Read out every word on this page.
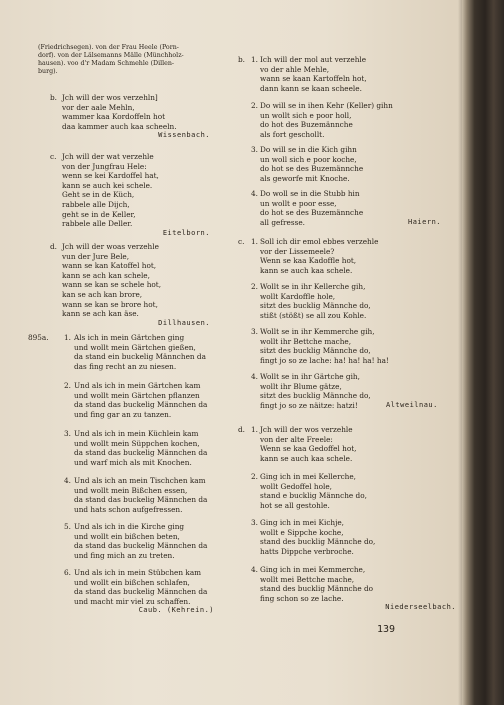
(Friedrichsegen). von der Frau Heele (Porn-
dorf). von der Lälsemanns Mälle (Münchholz-
hausen). voo d'r Madam Schmehle (Dillen-
burg).
b. Jch will der wos verzehln]
vor der aale Mehln,
wammer kaa Kordoffeln hot
daa kammer auch kaa scheeln.
Wissenbach.
c. Jch will der wat verzehle
von der Jungfrau Hele:
wenn se kei Kardoffel hat,
kann se auch kei schele.
Geht se in de Küch,
rabbele alle Dijch,
geht se in de Keller,
rabbele alle Deller.
Eitelborn.
d. Jch will der woas verzehle
vun der Jure Bele,
wann se kan Katoffel hot,
kann se ach kan schele,
wann se kan se schele hot,
kan se ach kan brore,
wann se kan se brore hot,
kann se ach kan äse.
Dillhausen.
895a. 1. Als ich in mein Gärtchen ging
und wollt mein Gärtchen gießen,
da stand ein buckelig Männchen da
das fing recht an zu niesen.
2. Und als ich in mein Gärtchen kam
und wollt mein Gärtchen pflanzen
da stand das buckelig Männchen da
und fing gar an zu tanzen.
3. Und als ich in mein Küchlein kam
und wollt mein Süppchen kochen,
da stand das buckelig Männchen da
und warf mich als mit Knochen.
4. Und als ich an mein Tischchen kam
und wollt mein Bißchen essen,
da stand das buckelig Männchen da
und hats schon aufgefressen.
5. Und als ich in die Kirche ging
und wollt ein bißchen beten,
da stand das buckelig Männchen da
und fing mich an zu treten.
6. Und als ich in mein Stübchen kam
und wollt ein bißchen schlafen,
da stand das buckelig Männchen da
und macht mir viel zu schaffen.
Caub. (Kehrein.)
b. 1. Ich will der mol aut verzehle
vo der ahle Mehle,
wann se kaan Kartoffeln hot,
dann kann se kaan scheele.
2. Do will se in ihen Kehr (Keller) gihn
un wollt sich e poor holl,
do hot des Buzemännche
als fort geschollt.
3. Do will se in die Kich gihn
un woll sich e poor koche,
do hot se des Buzemännche
als geworfe mit Knoche.
4. Do woll se in die Stubb hin
un wollt e poor esse,
do hot se des Buzemännche
all gefresse.	Haiern.
c. 1. Soll ich dir emol ebbes verzehle
vor der Lissemeele?
Wenn se kaa Kadoffle hot,
kann se auch kaa schele.
2. Wollt se in ihr Kellerche gih,
wollt Kardoffle hole,
sitzt des bucklig Männche do,
stißt (stößt) se all zou Kohle.
3. Wollt se in ihr Kemmerche gih,
wollt ihr Bettche mache,
sitzt des bucklig Männche do,
fingt jo so ze lache: ha! ha! ha! ha!
4. Wollt se in ihr Gärtche gih,
wollt ihr Blume gätze,
sitzt des bucklig Männche do,
fingt jo so ze näitze: hatzi!	Altweilnau.
d. 1. Jch will der wos verzehle
von der alte Freele:
Wenn se kaa Gedoffel hot,
kann se auch kaa schele.
2. Ging ich in mei Kellerche,
wollt Gedoffel hole,
stand e bucklig Männche do,
hot se all gestohle.
3. Ging ich in mei Kichje,
wollt e Sippche koche,
stand des bucklig Männche do,
hatts Dippche verbroche.
4. Ging ich in mei Kemmerche,
wollt mei Bettche mache,
stand des bucklig Männche do
fing schon so ze lache.
Niederseelbach.
139
